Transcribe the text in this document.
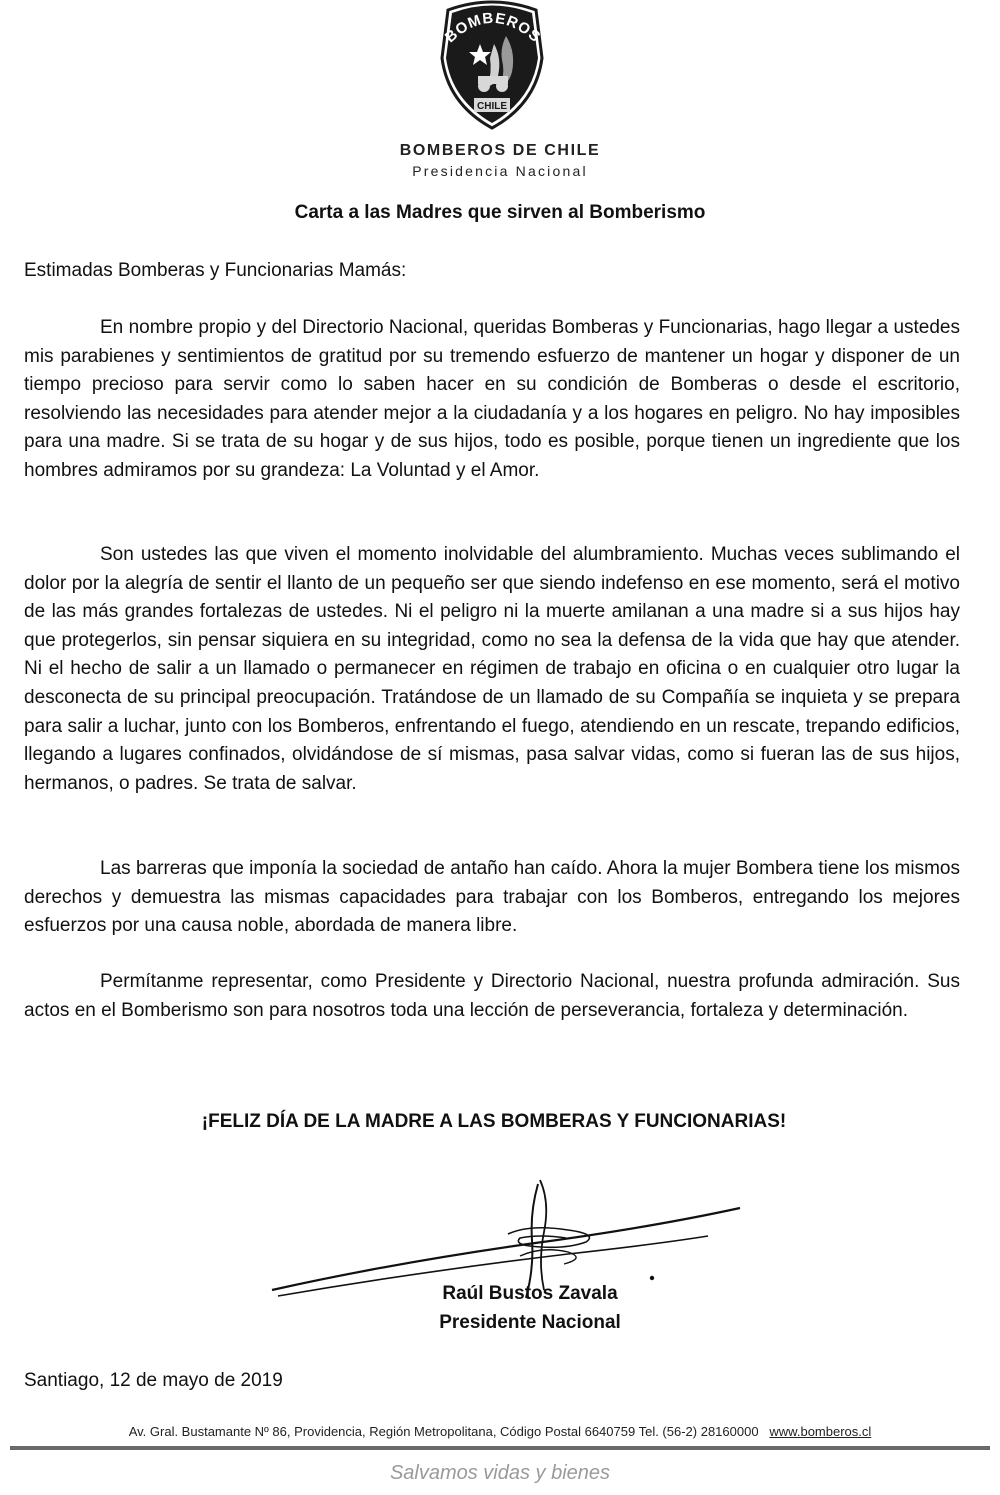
BOMBEROS
CHILE
BOMBEROS DE CHILE
Presidencia Nacional
Carta a las Madres que sirven al Bomberismo
Estimadas Bomberas y Funcionarias Mamás:

En nombre propio y del Directorio Nacional, queridas Bomberas y Funcionarias, hago llegar a ustedes mis parabienes y sentimientos de gratitud por su tremendo esfuerzo de mantener un hogar y disponer de un tiempo precioso para servir como lo saben hacer en su condición de Bomberas o desde el escritorio, resolviendo las necesidades para atender mejor a la ciudadanía y a los hogares en peligro. No hay imposibles para una madre. Si se trata de su hogar y de sus hijos, todo es posible, porque tienen un ingrediente que los hombres admiramos por su grandeza: La Voluntad y el Amor.

Son ustedes las que viven el momento inolvidable del alumbramiento. Muchas veces sublimando el dolor por la alegría de sentir el llanto de un pequeño ser que siendo indefenso en ese momento, será el motivo de las más grandes fortalezas de ustedes. Ni el peligro ni la muerte amilanan a una madre si a sus hijos hay que protegerlos, sin pensar siquiera en su integridad, como no sea la defensa de la vida que hay que atender. Ni el hecho de salir a un llamado o permanecer en régimen de trabajo en oficina o en cualquier otro lugar la desconecta de su principal preocupación. Tratándose de un llamado de su Compañía se inquieta y se prepara para salir a luchar, junto con los Bomberos, enfrentando el fuego, atendiendo en un rescate, trepando edificios, llegando a lugares confinados, olvidándose de sí mismas, pasa salvar vidas, como si fueran las de sus hijos, hermanos, o padres. Se trata de salvar.

Las barreras que imponía la sociedad de antaño han caído. Ahora la mujer Bombera tiene los mismos derechos y demuestra las mismas capacidades para trabajar con los Bomberos, entregando los mejores esfuerzos por una causa noble, abordada de manera libre.

Permítanme representar, como Presidente y Directorio Nacional, nuestra profunda admiración. Sus actos en el Bomberismo son para nosotros toda una lección de perseverancia, fortaleza y determinación.

¡FELIZ DÍA DE LA MADRE A LAS BOMBERAS Y FUNCIONARIAS!
Raúl Bustos Zavala
Presidente Nacional
Santiago, 12 de mayo de 2019
Av. Gral. Bustamante Nº 86, Providencia, Región Metropolitana, Código Postal 6640759 Tel. (56-2) 28160000 www.bomberos.cl
Salvamos vidas y bienes
